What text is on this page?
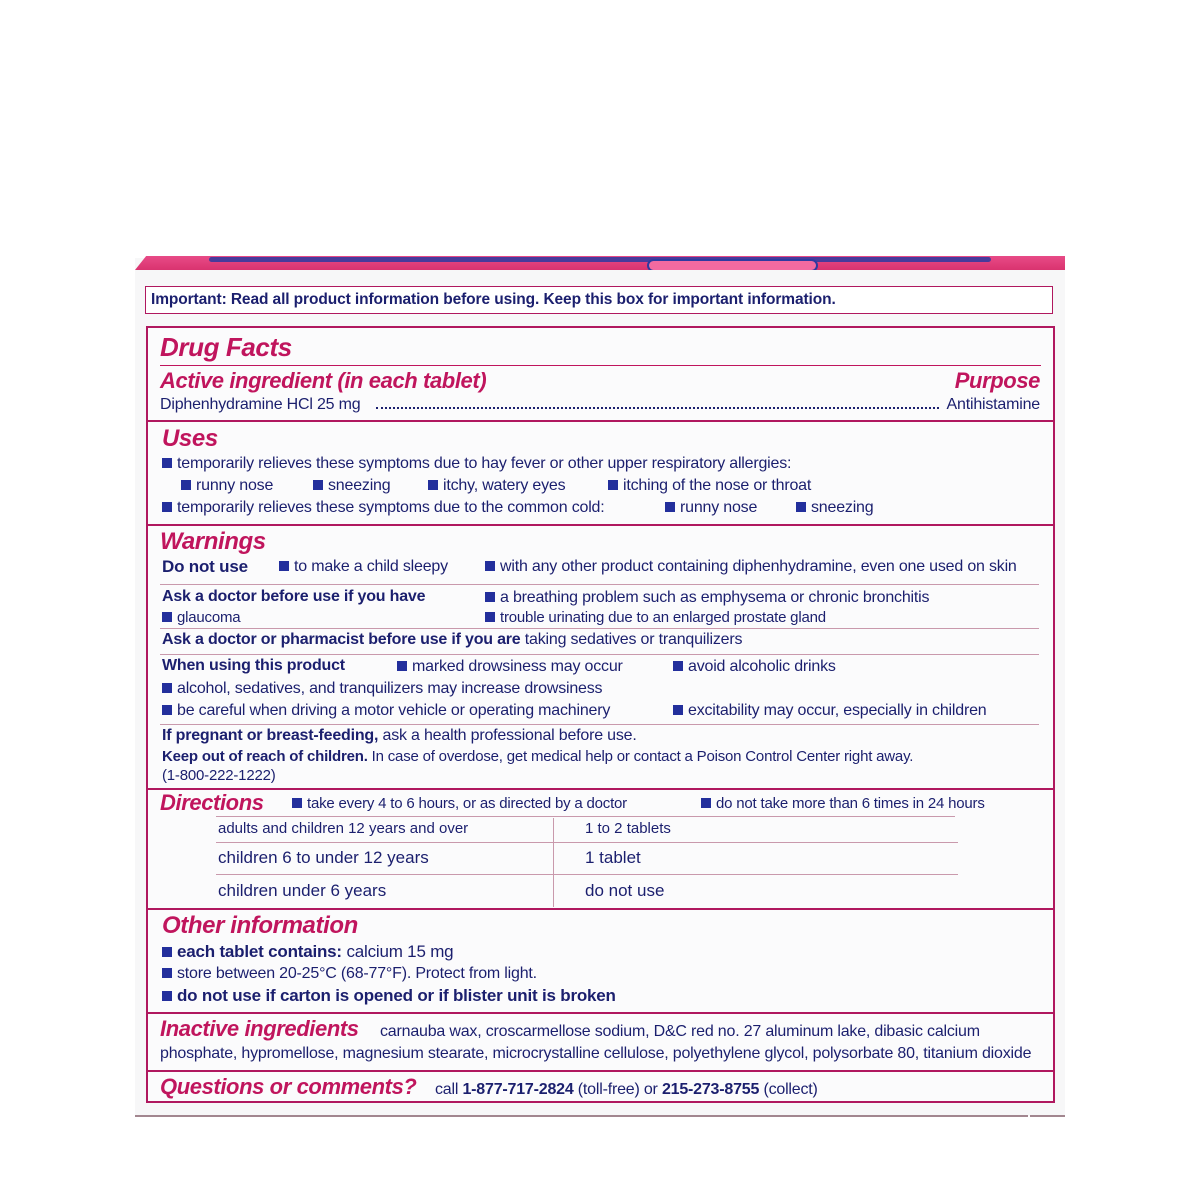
Important: Read all product information before using. Keep this box for important information.
Drug Facts
Active ingredient (in each tablet)	Purpose
Diphenhydramine HCl 25 mg	Antihistamine
Uses
temporarily relieves these symptoms due to hay fever or other upper respiratory allergies:
runny nose	sneezing	itchy, watery eyes	itching of the nose or throat
temporarily relieves these symptoms due to the common cold:	runny nose	sneezing
Warnings
Do not use	to make a child sleepy	with any other product containing diphenhydramine, even one used on skin
Ask a doctor before use if you have	a breathing problem such as emphysema or chronic bronchitis
glaucoma	trouble urinating due to an enlarged prostate gland
Ask a doctor or pharmacist before use if you are taking sedatives or tranquilizers
When using this product	marked drowsiness may occur	avoid alcoholic drinks
alcohol, sedatives, and tranquilizers may increase drowsiness
be careful when driving a motor vehicle or operating machinery	excitability may occur, especially in children
If pregnant or breast-feeding, ask a health professional before use.
Keep out of reach of children. In case of overdose, get medical help or contact a Poison Control Center right away.
(1-800-222-1222)
Directions	take every 4 to 6 hours, or as directed by a doctor	do not take more than 6 times in 24 hours
adults and children 12 years and over	1 to 2 tablets
children 6 to under 12 years	1 tablet
children under 6 years	do not use
Other information
each tablet contains: calcium 15 mg
store between 20-25°C (68-77°F). Protect from light.
do not use if carton is opened or if blister unit is broken
Inactive ingredients carnauba wax, croscarmellose sodium, D&C red no. 27 aluminum lake, dibasic calcium
phosphate, hypromellose, magnesium stearate, microcrystalline cellulose, polyethylene glycol, polysorbate 80, titanium dioxide
Questions or comments? call 1-877-717-2824 (toll-free) or 215-273-8755 (collect)
